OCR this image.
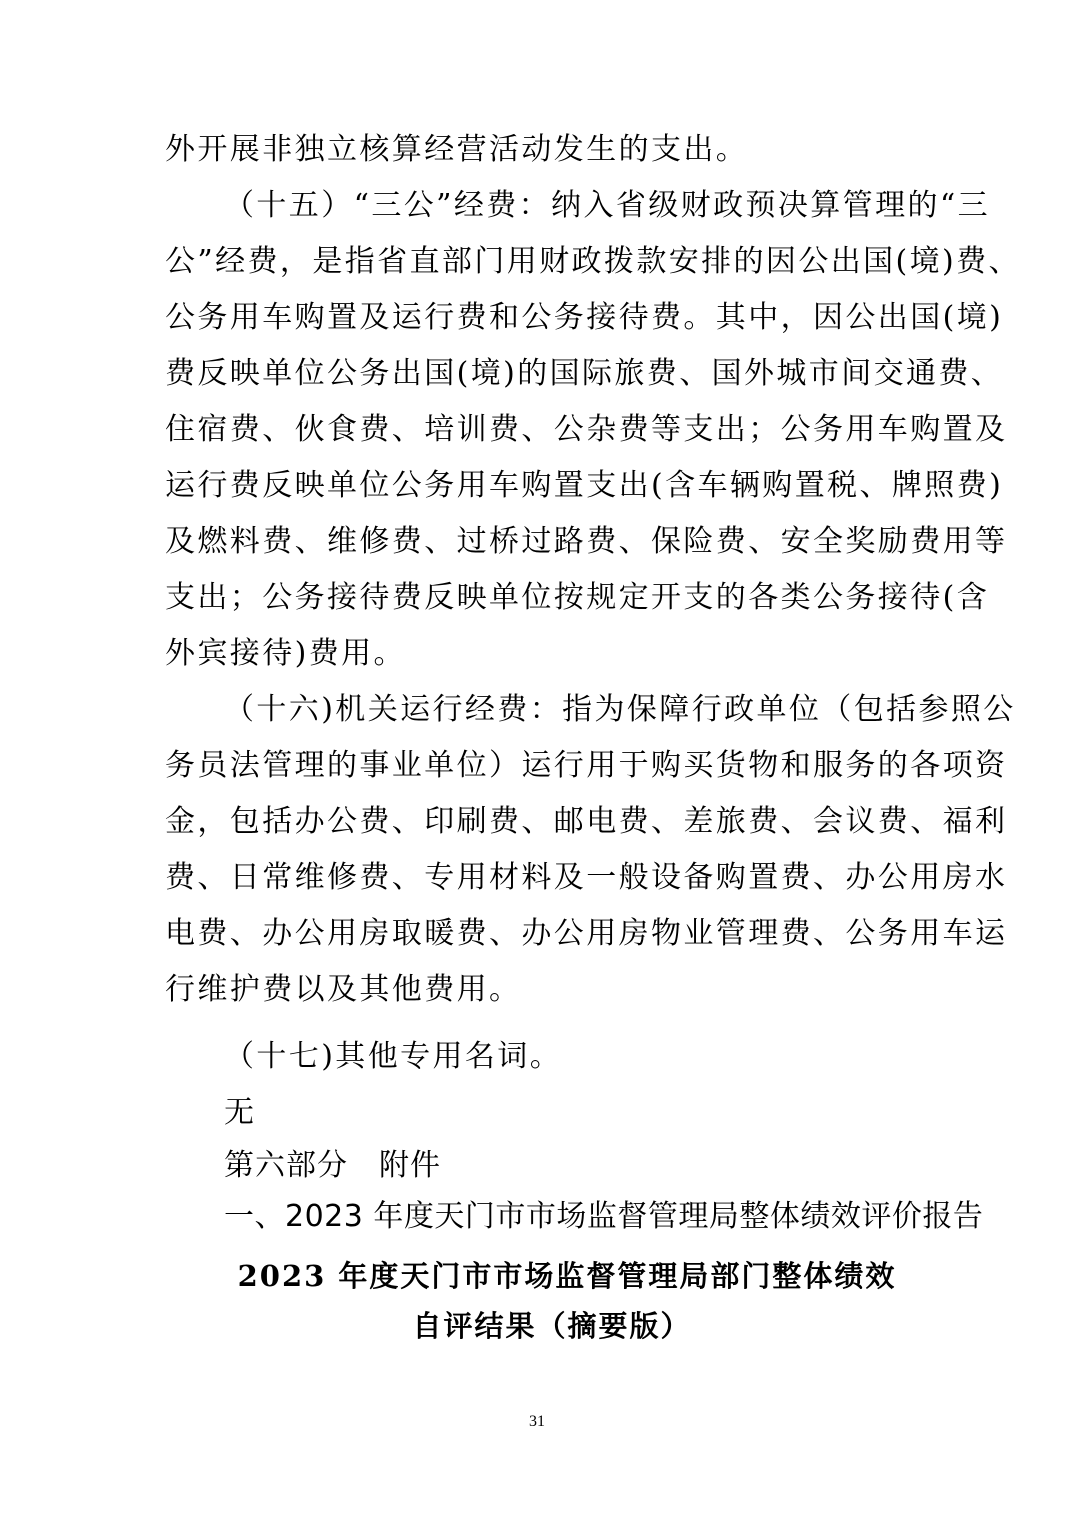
外开展非独立核算经营活动发生的支出。
（十五）“三公”经费：纳入省级财政预决算管理的“三
公”经费，是指省直部门用财政拨款安排的因公出国(境)费、
公务用车购置及运行费和公务接待费。其中，因公出国(境)
费反映单位公务出国(境)的国际旅费、国外城市间交通费、
住宿费、伙食费、培训费、公杂费等支出；公务用车购置及
运行费反映单位公务用车购置支出(含车辆购置税、牌照费)
及燃料费、维修费、过桥过路费、保险费、安全奖励费用等
支出；公务接待费反映单位按规定开支的各类公务接待(含
外宾接待)费用。
（十六)机关运行经费：指为保障行政单位（包括参照公
务员法管理的事业单位）运行用于购买货物和服务的各项资
金，包括办公费、印刷费、邮电费、差旅费、会议费、福利
费、日常维修费、专用材料及一般设备购置费、办公用房水
电费、办公用房取暖费、办公用房物业管理费、公务用车运
行维护费以及其他费用。
（十七)其他专用名词。
无
第六部分　附件
一、2023 年度天门市市场监督管理局整体绩效评价报告
2023 年度天门市市场监督管理局部门整体绩效
自评结果（摘要版）
31
